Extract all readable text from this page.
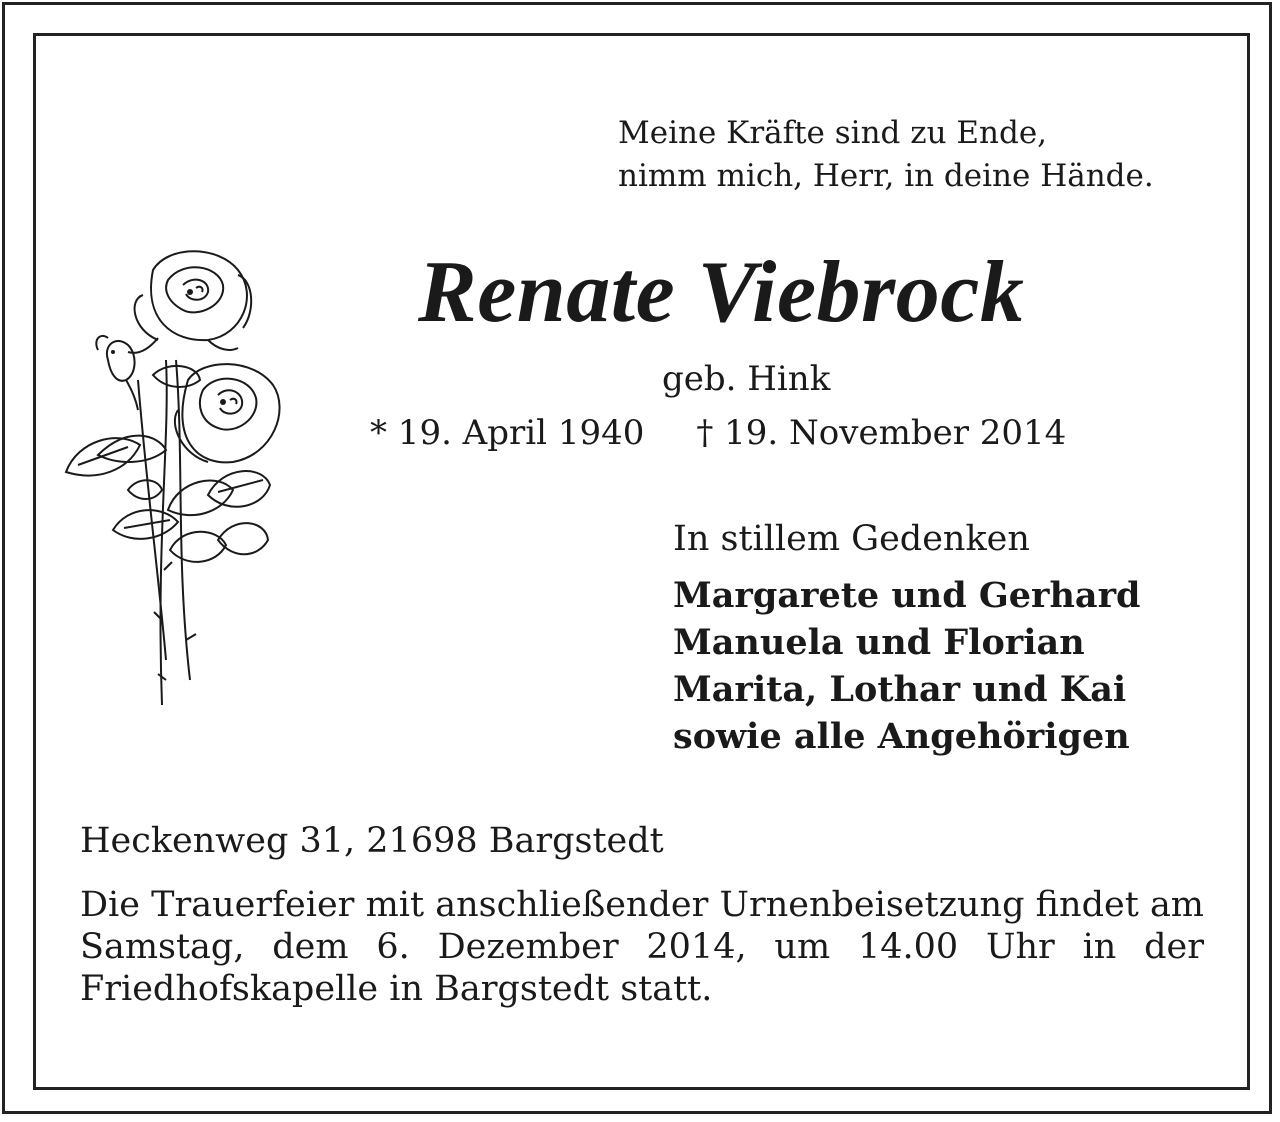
Meine Kräfte sind zu Ende,
nimm mich, Herr, in deine Hände.
Renate Viebrock
geb. Hink
* 19. April 1940 † 19. November 2014
In stillem Gedenken
Margarete und Gerhard
Manuela und Florian
Marita, Lothar und Kai
sowie alle Angehörigen
Heckenweg 31, 21698 Bargstedt
Die Trauerfeier mit anschließender Urnenbeisetzung findet am Samstag, dem 6. Dezember 2014, um 14.00 Uhr in der Friedhofskapelle in Bargstedt statt.
